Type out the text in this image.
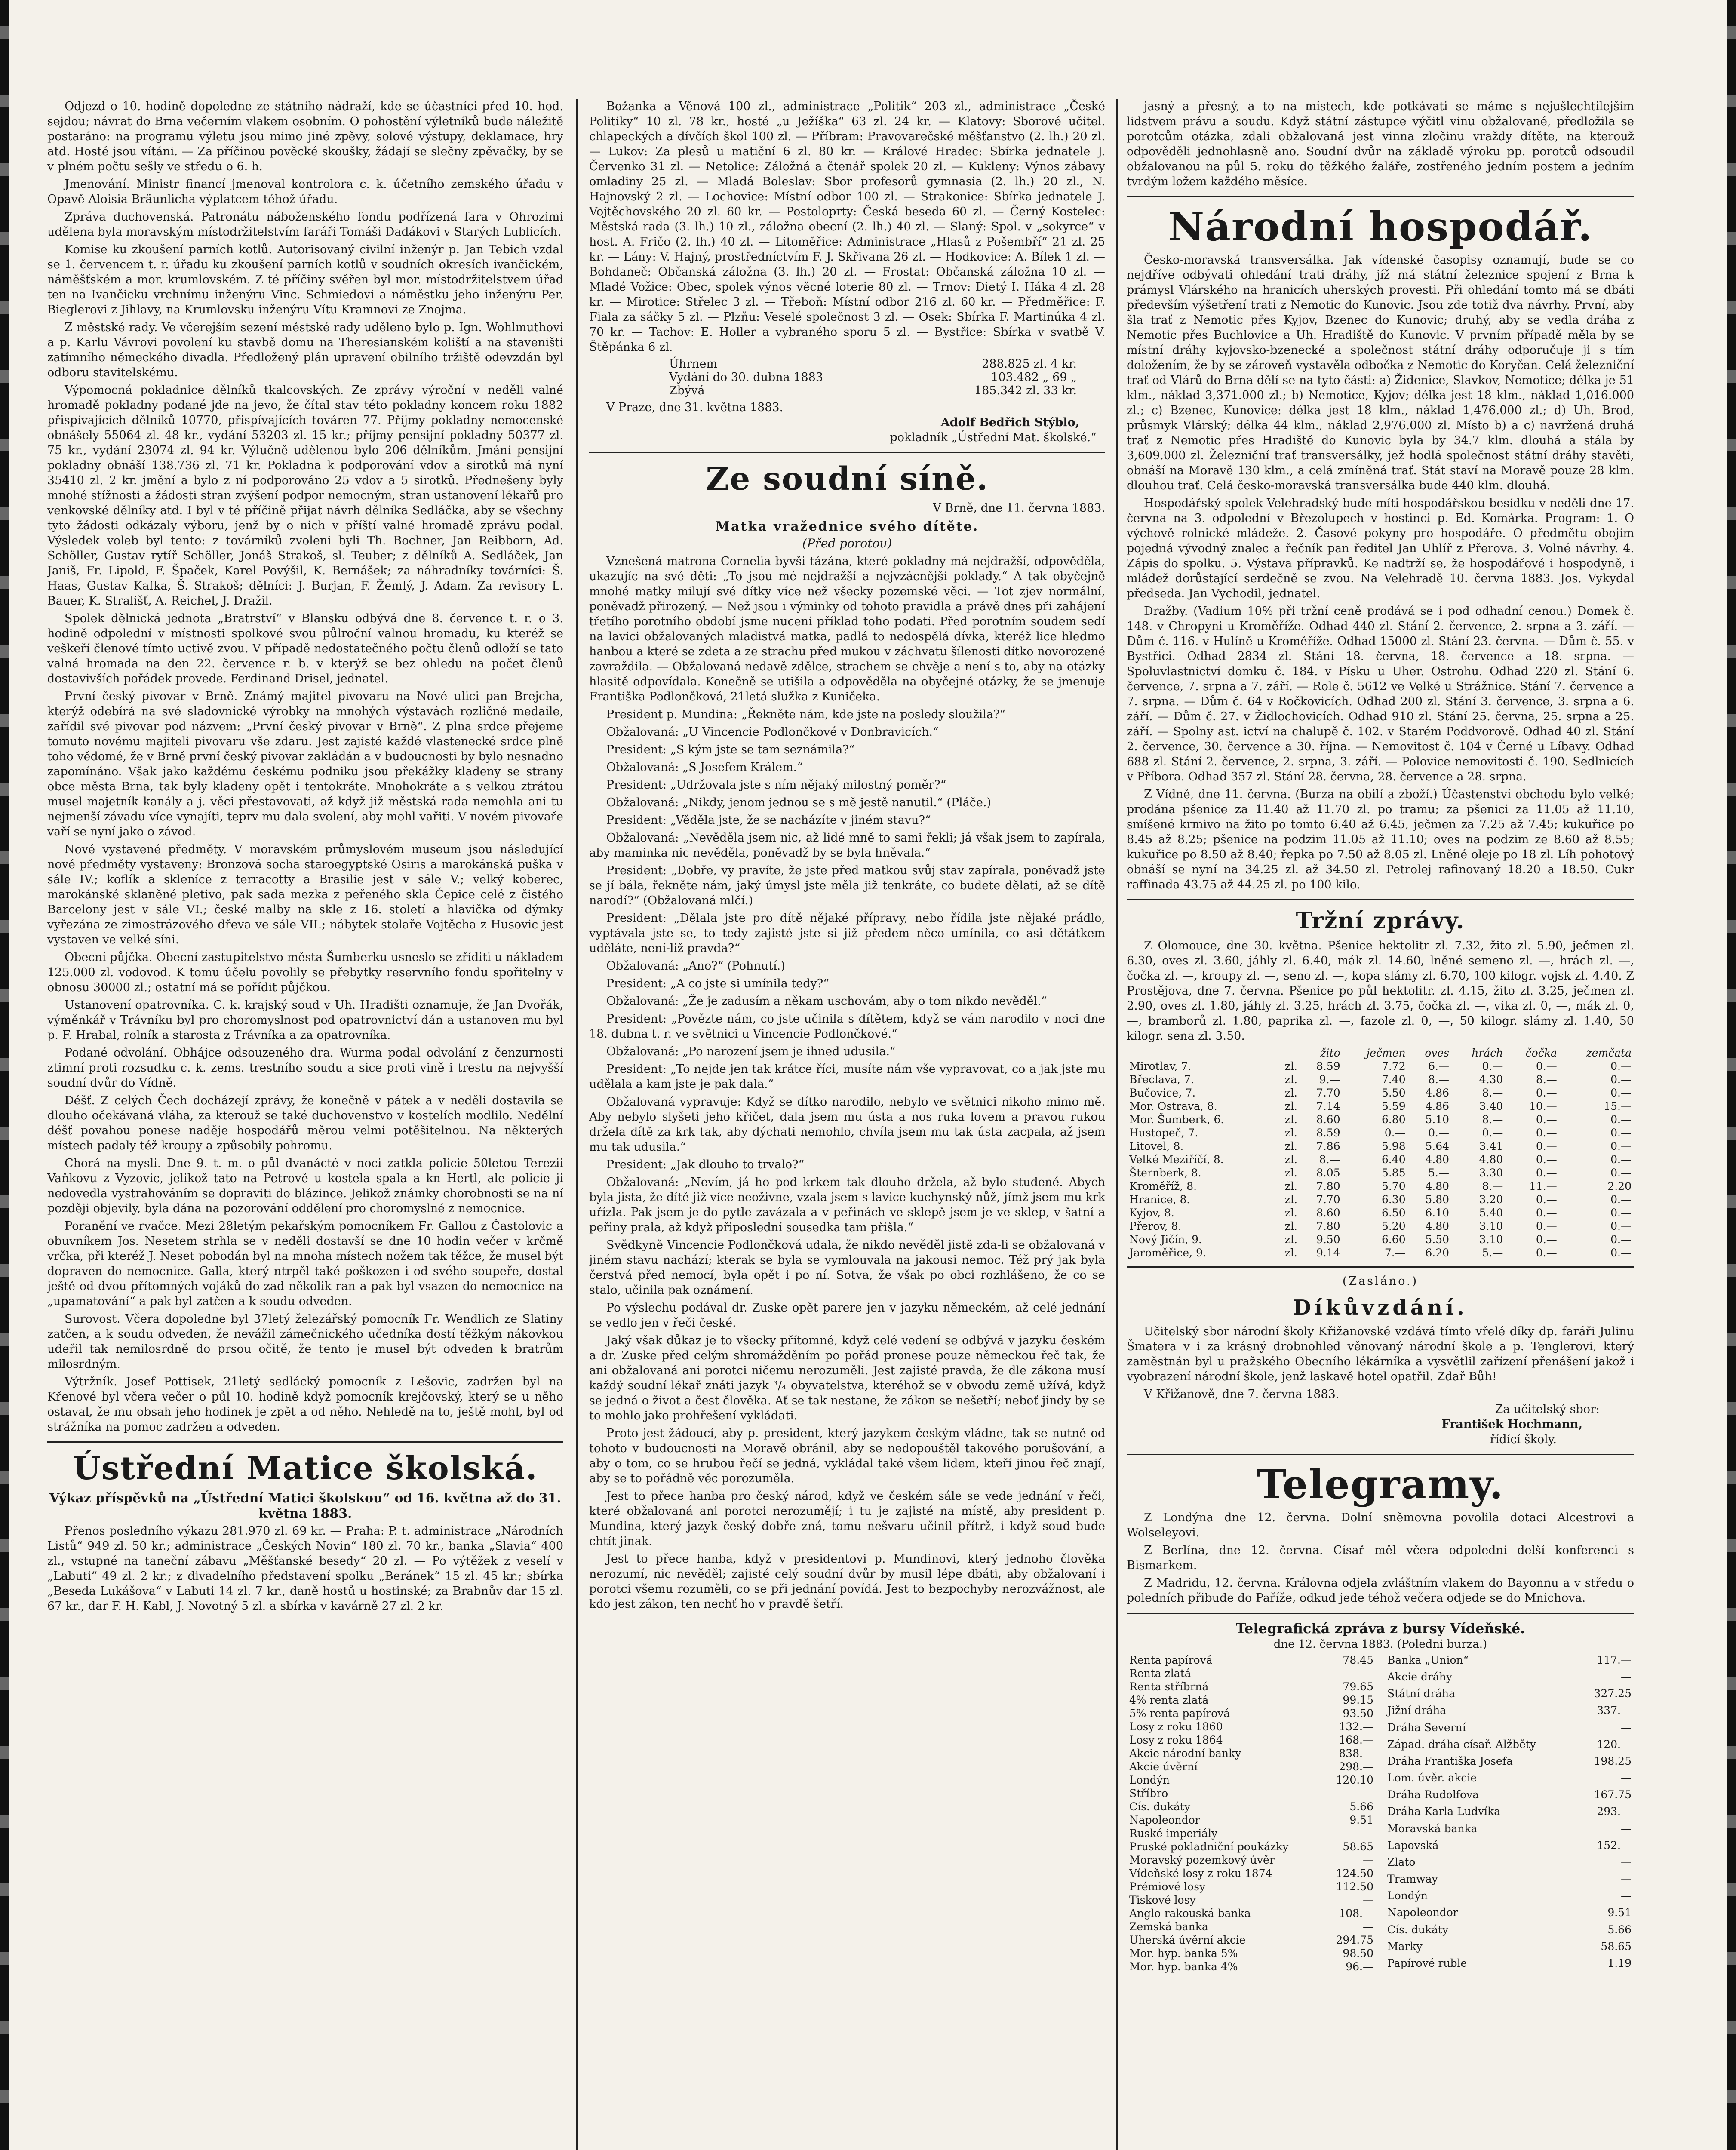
Odjezd o 10. hodině dopoledne ze státního nádraží, kde se účastníci před 10. hod. sejdou; návrat do Brna večerním vlakem osobním. O pohostění výletníků bude náležitě postaráno: na programu výletu jsou mimo jiné zpěvy, solové výstupy, deklamace, hry atd. Hosté jsou vítáni. — Za příčinou pověcké skoušky, žádají se slečny zpěvačky, by se v plném počtu sešly ve středu o 6. h.

Jmenování. Ministr financí jmenoval kontrolora c. k. účetního zemského úřadu v Opavě Aloisia Bräunlicha výplatcem téhož úřadu.

Zpráva duchovenská. Patronátu náboženského fondu podřízená fara v Ohrozimi udělena byla moravským místodržitelstvím faráři Tomáši Dadákovi v Starých Lublicích.

Komise ku zkoušení parních kotlů. Autorisovaný civilní inženýr p. Jan Tebich vzdal se 1. červencem t. r. úřadu ku zkoušení parních kotlů v soudních okresích ivančickém, náměšťském a mor. krumlovském. Z té příčiny svěřen byl mor. místodržitelstvem úřad ten na Ivančicku vrchnímu inženýru Vinc. Schmiedovi a náměstku jeho inženýru Per. Bieglerovi z Jihlavy, na Krumlovsku inženýru Vítu Kramnovi ze Znojma.

Z městské rady. Ve včerejším sezení městské rady uděleno bylo p. Ign. Wohlmuthovi a p. Karlu Vávrovi povolení ku stavbě domu na Theresianském koliští a na staveništi zatímního německého divadla. Předložený plán upravení obilního tržiště odevzdán byl odboru stavitelskému.

Výpomocná pokladnice dělníků tkalcovských. Ze zprávy výroční v neděli valné hromadě pokladny podané jde na jevo, že čítal stav této pokladny koncem roku 1882 přispívajících dělníků 10770, přispívajících továren 77. Příjmy pokladny nemocenské obnášely 55064 zl. 48 kr., vydání 53203 zl. 15 kr.; příjmy pensijní pokladny 50377 zl. 75 kr., vydání 23074 zl. 94 kr. Výlučně udělenou bylo 206 dělníkům. Jmání pensijní pokladny obnáší 138.736 zl. 71 kr. Pokladna k podporování vdov a sirotků má nyní 35410 zl. 2 kr. jmění a bylo z ní podporováno 25 vdov a 5 sirotků. Přednešeny byly mnohé stížnosti a žádosti stran zvýšení podpor nemocným, stran ustanovení lékařů pro venkovské dělníky atd. I byl v té příčině přijat návrh dělníka Sedláčka, aby se všechny tyto žádosti odkázaly výboru, jenž by o nich v příští valné hromadě zprávu podal. Výsledek voleb byl tento: z továrníků zvoleni byli Th. Bochner, Jan Reibborn, Ad. Schöller, Gustav rytíř Schöller, Jonáš Strakoš, sl. Teuber; z dělníků A. Sedláček, Jan Janiš, Fr. Lipold, F. Špaček, Karel Povýšil, K. Bernášek; za náhradníky továrníci: Š. Haas, Gustav Kafka, Š. Strakoš; dělníci: J. Burjan, F. Žemlý, J. Adam. Za revisory L. Bauer, K. Strališť, A. Reichel, J. Dražil.

Spolek dělnická jednota „Bratrství“ v Blansku odbývá dne 8. července t. r. o 3. hodině odpolední v místnosti spolkové svou půlroční valnou hromadu, ku kteréž se veškeří členové tímto uctivě zvou. V případě nedostatečného počtu členů odloží se tato valná hromada na den 22. července r. b. v kterýž se bez ohledu na počet členů dostavivších pořádek provede. Ferdinand Drisel, jednatel.

První český pivovar v Brně. Známý majitel pivovaru na Nové ulici pan Brejcha, kterýž odebírá na své sladovnické výrobky na mnohých výstavách rozličné medaile, zařídil své pivovar pod názvem: „První český pivovar v Brně“. Z plna srdce přejeme tomuto novému majiteli pivovaru vše zdaru. Jest zajisté každé vlastenecké srdce plně toho vědomé, že v Brně první český pivovar zakládán a v budoucnosti by bylo nesnadno zapomínáno. Však jako každému českému podniku jsou překážky kladeny se strany obce města Brna, tak byly kladeny opět i tentokráte. Mnohokráte a s velkou ztrátou musel majetník kanály a j. věci přestavovati, až když již městská rada nemohla ani tu nejmenší závadu více vynajíti, teprv mu dala svolení, aby mohl vařiti. V novém pivovaře vaří se nyní jako o závod.

Nové vystavené předměty. V moravském průmyslovém museum jsou následující nové předměty vystaveny: Bronzová socha staroegyptské Osiris a marokánská puška v sále IV.; koflík a skleníce z terracotty a Brasilie jest v sále V.; velký koberec, marokánské sklaněné pletivo, pak sada mezka z peřeného skla Čepice celé z čistého Barcelony jest v sále VI.; české malby na skle z 16. století a hlavička od dýmky vyřezána ze zimostrázového dřeva ve sále VII.; nábytek stolaře Vojtěcha z Husovic jest vystaven ve velké síni.

Obecní půjčka. Obecní zastupitelstvo města Šumberku usneslo se zříditi u nákladem 125.000 zl. vodovod. K tomu účelu povolily se přebytky reservního fondu spořitelny v obnosu 30000 zl.; ostatní má se pořídit půjčkou.

Ustanovení opatrovníka. C. k. krajský soud v Uh. Hradišti oznamuje, že Jan Dvořák, výměnkář v Trávníku byl pro choromyslnost pod opatrovnictví dán a ustanoven mu byl p. F. Hrabal, rolník a starosta z Trávníka a za opatrovníka.

Podané odvolání. Obhájce odsouzeného dra. Wurma podal odvolání z čenzurnosti ztimní proti rozsudku c. k. zems. trestního soudu a sice proti vině i trestu na nejvyšší soudní dvůr do Vídně.

Déšť. Z celých Čech docházejí zprávy, že konečně v pátek a v neděli dostavila se dlouho očekávaná vláha, za kterouž se také duchovenstvo v kostelích modlilo. Nedělní déšť povahou ponese naděje hospodářů měrou velmi potěšitelnou. Na některých místech padaly též kroupy a způsobily pohromu.

Chorá na mysli. Dne 9. t. m. o půl dvanácté v noci zatkla policie 50letou Terezii Vaňkovu z Vyzovic, jelikož tato na Petrově u kostela spala a kn Hertl, ale policie ji nedovedla vystrahováním se dopraviti do blázince. Jelikož známky chorobnosti se na ní později objevily, byla dána na pozorování oddělení pro choromyslné z nemocnice.

Poranění ve rvačce. Mezi 28letým pekařským pomocníkem Fr. Gallou z Častolovic a obuvníkem Jos. Nesetem strhla se v neděli dostavší se dne 10 hodin večer v krčmě vrčka, při kteréž J. Neset pobodán byl na mnoha místech nožem tak těžce, že musel být dopraven do nemocnice. Galla, který ntrpěl také poškozen i od svého soupeře, dostal ještě od dvou přítomných vojáků do zad několik ran a pak byl vsazen do nemocnice na „upamatování“ a pak byl zatčen a k soudu odveden.

Surovost. Včera dopoledne byl 37letý železářský pomocník Fr. Wendlich ze Slatiny zatčen, a k soudu odveden, že nevážil zámečnického učedníka dostí těžkým nákovkou udeřil tak nemilosrdně do prsou očitě, že tento je musel být odveden k bratrům milosrdným.

Výtržník. Josef Pottisek, 21letý sedlácký pomocník z Lešovic, zadržen byl na Křenové byl včera večer o půl 10. hodině když pomocník krejčovský, který se u něho ostaval, že mu obsah jeho hodinek je zpět a od něho. Nehledě na to, ještě mohl, byl od strážníka na pomoc zadržen a odveden.

Ústřední Matice školská.
Výkaz příspěvků na „Ústřední Matici školskou“ od 16. května až do 31. května 1883.

Přenos posledního výkazu 281.970 zl. 69 kr. — Praha: P. t. administrace „Národních Listů“ 949 zl. 50 kr.; administrace „Českých Novin“ 180 zl. 70 kr., banka „Slavia“ 400 zl., vstupné na taneční zábavu „Měšťanské besedy“ 20 zl. — Po výtěžek z veselí v „Labuti“ 49 zl. 2 kr.; z divadelního představení spolku „Beránek“ 15 zl. 45 kr.; sbírka „Beseda Lukášova“ v Labuti 14 zl. 7 kr., daně hostů u hostinské; za Brabnův dar 15 zl. 67 kr., dar F. H. Kabl, J. Novotný 5 zl. a sbírka v kavárně 27 zl. 2 kr.

Božanka a Věnová 100 zl., administrace „Politik“ 203 zl., administrace „České Politiky“ 10 zl. 78 kr., hosté „u Ježíška“ 63 zl. 24 kr. — Klatovy: Sborové učitel. chlapeckých a dívčích škol 100 zl. — Příbram: Pravovarečské měšťanstvo (2. lh.) 20 zl. — Lukov: Za plesů u matiční 6 zl. 80 kr. — Králové Hradec: Sbírka jednatele J. Červenko 31 zl. — Netolice: Záložná a čtenář spolek 20 zl. — Kukleny: Výnos zábavy omladiny 25 zl. — Mladá Boleslav: Sbor profesorů gymnasia (2. lh.) 20 zl., N. Hajnovský 2 zl. — Lochovice: Místní odbor 100 zl. — Strakonice: Sbírka jednatele J. Vojtěchovského 20 zl. 60 kr. — Postoloprty: Česká beseda 60 zl. — Černý Kostelec: Městská rada (3. lh.) 10 zl., záložna obecní (2. lh.) 40 zl. — Slaný: Spol. v „sokyrce“ v host. A. Fričo (2. lh.) 40 zl. — Litoměřice: Administrace „Hlasů z Pošembří“ 21 zl. 25 kr. — Lány: V. Hajný, prostředníctvím F. J. Skřivana 26 zl. — Hodkovice: A. Bílek 1 zl. — Bohdaneč: Občanská záložna (3. lh.) 20 zl. — Frostat: Občanská záložna 10 zl. — Mladé Vožice: Obec, spolek výnos věcné loterie 80 zl. — Trnov: Dietý I. Háka 4 zl. 28 kr. — Mirotice: Střelec 3 zl. — Třeboň: Místní odbor 216 zl. 60 kr. — Předměřice: F. Fiala za sáčky 5 zl. — Plzňu: Veselé společnost 3 zl. — Osek: Sbírka F. Martinúka 4 zl. 70 kr. — Tachov: E. Holler a vybraného sporu 5 zl. — Bystřice: Sbírka v svatbě V. Štěpánka 6 zl.

Úhrnem	288.825 zl. 4 kr.
Vydání do 30. dubna 1883	103.482 „ 69 „
Zbývá	185.342 zl. 33 kr.
V Praze, dne 31. května 1883.
Adolf Bedřich Stýblo,
pokladník „Ústřední Mat. školské.“
Ze soudní síně.
V Brně, dne 11. června 1883.
Matka vražednice svého dítěte.
(Před porotou)

Vznešená matrona Cornelia byvši tázána, které pokladny má nejdražší, odpověděla, ukazujíc na své děti: „To jsou mé nejdražší a nejvzácnější poklady.“ A tak obyčejně mnohé matky milují své dítky více než všecky pozemské věci. — Tot zjev normální, poněvadž přirozený. — Než jsou i výminky od tohoto pravidla a právě dnes při zahájení třetího porotního období jsme nuceni příklad toho podati. Před porotním soudem sedí na lavici obžalovaných mladistvá matka, padlá to nedospělá dívka, kteréž lice hledmo hanbou a které se zdeta a ze strachu před mukou v záchvatu šílenosti dítko novorozené zavraždila. — Obžalovaná nedavě zdělce, strachem se chvěje a není s to, aby na otázky hlasitě odpovídala. Konečně se utišila a odpověděla na obyčejné otázky, že se jmenuje Františka Podlončková, 21letá služka z Kuničeka.

President p. Mundina: „Řekněte nám, kde jste na posledy sloužila?“

Obžalovaná: „U Vincencie Podlončkové v Donbravicích.“

President: „S kým jste se tam seznámila?“

Obžalovaná: „S Josefem Králem.“

President: „Udržovala jste s ním nějaký milostný poměr?“

Obžalovaná: „Nikdy, jenom jednou se s mě jestě nanutil.“ (Pláče.)

President: „Věděla jste, že se nacházíte v jiném stavu?“

Obžalovaná: „Nevěděla jsem nic, až lidé mně to sami řekli; já však jsem to zapírala, aby maminka nic nevěděla, poněvadž by se byla hněvala.“

President: „Dobře, vy pravíte, že jste před matkou svůj stav zapírala, poněvadž jste se jí bála, řekněte nám, jaký úmysl jste měla již tenkráte, co budete dělati, až se dítě narodí?“ (Obžalovaná mlčí.)

President: „Dělala jste pro dítě nějaké přípravy, nebo řídila jste nějaké prádlo, vyptávala jste se, to tedy zajisté jste si již předem něco umínila, co asi dětátkem uděláte, není-liž pravda?“

Obžalovaná: „Ano?“ (Pohnutí.)

President: „A co jste si umínila tedy?“

Obžalovaná: „Že je zadusím a někam uschovám, aby o tom nikdo nevěděl.“

President: „Povězte nám, co jste učinila s dítětem, když se vám narodilo v noci dne 18. dubna t. r. ve světnici u Vincencie Podlončkové.“

Obžalovaná: „Po narození jsem je ihned udusila.“

President: „To nejde jen tak krátce říci, musíte nám vše vypravovat, co a jak jste mu udělala a kam jste je pak dala.“

Obžalovaná vypravuje: Když se dítko narodilo, nebylo ve světnici nikoho mimo mě. Aby nebylo slyšeti jeho křičet, dala jsem mu ústa a nos ruka lovem a pravou rukou držela dítě za krk tak, aby dýchati nemohlo, chvíla jsem mu tak ústa zacpala, až jsem mu tak udusila.“

President: „Jak dlouho to trvalo?“

Obžalovaná: „Nevím, já ho pod krkem tak dlouho držela, až bylo studené. Abych byla jista, že dítě již více neoživne, vzala jsem s lavice kuchynský nůž, jímž jsem mu krk uřízla. Pak jsem je do pytle zavázala a v peřinách ve sklepě jsem je ve sklep, v šatní a peřiny prala, až když připoslední sousedka tam přišla.“

Svědkyně Vincencie Podlončková udala, že nikdo nevěděl jistě zda-li se obžalovaná v jiném stavu nachází; kterak se byla se vymlouvala na jakousi nemoc. Též prý jak byla čerstvá před nemocí, byla opět i po ní. Sotva, že však po obci rozhlášeno, že co se stalo, učinila pak oznámení.

Po výslechu podával dr. Zuske opět parere jen v jazyku německém, až celé jednání se vedlo jen v řeči české.

Jaký však důkaz je to všecky přítomné, když celé vedení se odbývá v jazyku českém a dr. Zuske před celým shromážděním po pořád pronese pouze německou řeč tak, že ani obžalovaná ani porotci ničemu nerozuměli. Jest zajisté pravda, že dle zákona musí každý soudní lékař znáti jazyk ³/₄ obyvatelstva, kteréhož se v obvodu země užívá, když se jedná o život a čest člověka. Ať se tak nestane, že zákon se nešetří; neboť jindy by se to mohlo jako prohřešení vykládati.

Proto jest žádoucí, aby p. president, který jazykem českým vládne, tak se nutně od tohoto v budoucnosti na Moravě obránil, aby se nedopouštěl takového porušování, a aby o tom, co se hrubou řečí se jedná, vykládal také všem lidem, kteří jinou řeč znají, aby se to pořádně věc porozuměla.

Jest to přece hanba pro český národ, když ve českém sále se vede jednání v řeči, které obžalovaná ani porotci nerozumějí; i tu je zajisté na místě, aby president p. Mundina, který jazyk český dobře zná, tomu nešvaru učinil přítrž, i když soud bude chtít jinak.

Jest to přece hanba, když v presidentovi p. Mundinovi, který jednoho člověka nerozumí, nic nevěděl; zajisté celý soudní dvůr by musil lépe dbáti, aby obžalovaní i porotci všemu rozuměli, co se při jednání povídá. Jest to bezpochyby nerozvážnost, ale kdo jest zákon, ten nechť ho v pravdě šetří.

jasný a přesný, a to na místech, kde potkávati se máme s nejušlechtilejším lidstvem právu a soudu. Když státní zástupce výčitl vinu obžalované, předložila se porotcům otázka, zdali obžalovaná jest vinna zločinu vraždy dítěte, na kterouž odpověděli jednohlasně ano. Soudní dvůr na základě výroku pp. porotců odsoudil obžalovanou na půl 5. roku do těžkého žaláře, zostřeného jedním postem a jedním tvrdým ložem každého měsíce.

Národní hospodář.

Česko-moravská transversálka. Jak vídenské časopisy oznamují, bude se co nejdříve odbývati ohledání trati dráhy, jíž má státní železnice spojení z Brna k prámysl Vlárského na hranicích uherských provesti. Při ohledání tomto má se dbáti především výšetření trati z Nemotic do Kunovic. Jsou zde totiž dva návrhy. První, aby šla trať z Nemotic přes Kyjov, Bzenec do Kunovic; druhý, aby se vedla dráha z Nemotic přes Buchlovice a Uh. Hradiště do Kunovic. V prvním případě měla by se místní dráhy kyjovsko-bzenecké a společnost státní dráhy odporučuje ji s tím doložením, že by se zároveň vystavěla odbočka z Nemotic do Koryčan. Celá železniční trať od Vlárů do Brna dělí se na tyto části: a) Židenice, Slavkov, Nemotice; délka je 51 klm., náklad 3,371.000 zl.; b) Nemotice, Kyjov; délka jest 18 klm., náklad 1,016.000 zl.; c) Bzenec, Kunovice: délka jest 18 klm., náklad 1,476.000 zl.; d) Uh. Brod, průsmyk Vlárský; délka 44 klm., náklad 2,976.000 zl. Místo b) a c) navržená druhá trať z Nemotic přes Hradiště do Kunovic byla by 34.7 klm. dlouhá a stála by 3,609.000 zl. Železniční trať transversálky, jež hodlá společnost státní dráhy stavěti, obnáší na Moravě 130 klm., a celá zmíněná trať. Stát staví na Moravě pouze 28 klm. dlouhou trať. Celá česko-moravská transversálka bude 440 klm. dlouhá.

Hospodářský spolek Velehradský bude míti hospodářskou besídku v neděli dne 17. června na 3. odpolední v Březolupech v hostinci p. Ed. Komárka. Program: 1. O výchově rolnické mládeže. 2. Časové pokyny pro hospodáře. O předmětu obojím pojedná vývodný znalec a řečník pan ředitel Jan Uhlíř z Přerova. 3. Volné návrhy. 4. Zápis do spolku. 5. Výstava přípravků. Ke nadtrží se, že hospodářové i hospodyně, i mládež dorůstající serdečně se zvou. Na Velehradě 10. června 1883. Jos. Vykydal předseda. Jan Vychodil, jednatel.

Dražby. (Vadium 10% při tržní ceně prodává se i pod odhadní cenou.) Domek č. 148. v Chropyni u Kroměříže. Odhad 440 zl. Stání 2. července, 2. srpna a 3. září. — Dům č. 116. v Hulíně u Kroměříže. Odhad 15000 zl. Stání 23. června. — Dům č. 55. v Bystřici. Odhad 2834 zl. Stání 18. června, 18. července a 18. srpna. — Spoluvlastnictví domku č. 184. v Písku u Uher. Ostrohu. Odhad 220 zl. Stání 6. července, 7. srpna a 7. září. — Role č. 5612 ve Velké u Strážnice. Stání 7. července a 7. srpna. — Dům č. 64 v Ročkovicích. Odhad 200 zl. Stání 3. července, 3. srpna a 6. září. — Dům č. 27. v Židlochovicích. Odhad 910 zl. Stání 25. června, 25. srpna a 25. září. — Spolny ast. ictví na chalupě č. 102. v Starém Poddvorově. Odhad 40 zl. Stání 2. července, 30. července a 30. října. — Nemovitost č. 104 v Černé u Líbavy. Odhad 688 zl. Stání 2. července, 2. srpna, 3. září. — Polovice nemovitosti č. 190. Sedlnicích v Příbora. Odhad 357 zl. Stání 28. června, 28. července a 28. srpna.

Z Vídně, dne 11. června. (Burza na obilí a zboží.) Účastenství obchodu bylo velké; prodána pšenice za 11.40 až 11.70 zl. po tramu; za pšenici za 11.05 až 11.10, smíšené krmivo na žito po tomto 6.40 až 6.45, ječmen za 7.25 až 7.45; kukuřice po 8.45 až 8.25; pšenice na podzim 11.05 až 11.10; oves na podzim ze 8.60 až 8.55; kukuřice po 8.50 až 8.40; řepka po 7.50 až 8.05 zl. Lněné oleje po 18 zl. Líh pohotový obnáší se nyní na 34.25 zl. až 34.50 zl. Petrolej rafinovaný 18.20 a 18.50. Cukr raffinada 43.75 až 44.25 zl. po 100 kilo.

Tržní zprávy.

Z Olomouce, dne 30. května. Pšenice hektolitr zl. 7.32, žito zl. 5.90, ječmen zl. 6.30, oves zl. 3.60, jáhly zl. 6.40, mák zl. 14.60, lněné semeno zl. —, hrách zl. —, čočka zl. —, kroupy zl. —, seno zl. —, kopa slámy zl. 6.70, 100 kilogr. vojsk zl. 4.40. Z Prostějova, dne 7. června. Pšenice po půl hektolitr. zl. 4.15, žito zl. 3.25, ječmen zl. 2.90, oves zl. 1.80, jáhly zl. 3.25, hrách zl. 3.75, čočka zl. —, vika zl. 0, —, mák zl. 0, —, bramborů zl. 1.80, paprika zl. —, fazole zl. 0, —, 50 kilogr. slámy zl. 1.40, 50 kilogr. sena zl. 3.50.

		žito	ječmen	oves	hrách	čočka	zemčata
Mirotlav, 7.	zl.	8.59	7.72	6.—	0.—	0.—	0.—
Břeclava, 7.	zl.	9.—	7.40	8.—	4.30	8.—	0.—
Bučovice, 7.	zl.	7.70	5.50	4.86	8.—	0.—	0.—
Mor. Ostrava, 8.	zl.	7.14	5.59	4.86	3.40	10.—	15.—
Mor. Šumberk, 6.	zl.	8.60	6.80	5.10	8.—	0.—	0.—
Hustopeč, 7.	zl.	8.59	0.—	0.—	0.—	0.—	0.—
Litovel, 8.	zl.	7.86	5.98	5.64	3.41	0.—	0.—
Velké Meziříčí, 8.	zl.	8.—	6.40	4.80	4.80	0.—	0.—
Šternberk, 8.	zl.	8.05	5.85	5.—	3.30	0.—	0.—
Kroměříž, 8.	zl.	7.80	5.70	4.80	8.—	11.—	2.20
Hranice, 8.	zl.	7.70	6.30	5.80	3.20	0.—	0.—
Kyjov, 8.	zl.	8.60	6.50	6.10	5.40	0.—	0.—
Přerov, 8.	zl.	7.80	5.20	4.80	3.10	0.—	0.—
Nový Jičín, 9.	zl.	9.50	6.60	5.50	3.10	0.—	0.—
Jaroměřice, 9.	zl.	9.14	7.—	6.20	5.—	0.—	0.—
(Zasláno.)
Díkůvzdání.

Učitelský sbor národní školy Křižanovské vzdává tímto vřelé díky dp. faráři Julinu Šmatera v i za krásný drobnohled věnovaný národní škole a p. Tenglerovi, který zaměstnán byl u pražského Obecního lékárníka a vysvětlil zařízení přenášení jakož i vyobrazení národní škole, jenž laskavě hotel opatřil. Zdař Bůh!

V Křižanově, dne 7. června 1883.
Za učitelský sbor:
František Hochmann,
řídící školy.
Telegramy.

Z Londýna dne 12. června. Dolní sněmovna povolila dotaci Alcestrovi a Wolseleyovi.

Z Berlína, dne 12. června. Císař měl včera odpolední delší konferenci s Bismarkem.

Z Madridu, 12. června. Královna odjela zvláštním vlakem do Bayonnu a v středu o poledních přibude do Paříže, odkud jede téhož večera odjede se do Mnichova.

Telegrafická zpráva z bursy Vídeňské.
dne 12. června 1883. (Poledni burza.)
Renta papírová	78.45
Renta zlatá	—
Renta stříbrná	79.65
4% renta zlatá	99.15
5% renta papírová	93.50
Losy z roku 1860	132.—
Losy z roku 1864	168.—
Akcie národní banky	838.—
Akcie úvěrní	298.—
Londýn	120.10
Stříbro	—
Cís. dukáty	5.66
Napoleondor	9.51
Ruské imperiály	—
Pruské pokladniční poukázky	58.65
Moravský pozemkový úvěr	—
Vídeňské losy z roku 1874	124.50
Prémiové losy	112.50
Tiskové losy	—
Anglo-rakouská banka	108.—
Zemská banka	—
Uherská úvěrní akcie	294.75
Mor. hyp. banka 5%	98.50
Mor. hyp. banka 4%	96.—
Banka „Union“	117.—
Akcie dráhy	—
Státní dráha	327.25
Jižní dráha	337.—
Dráha Severní	—
Západ. dráha císař. Alžběty	120.—
Dráha Františka Josefa	198.25
Lom. úvěr. akcie	—
Dráha Rudolfova	167.75
Dráha Karla Ludvíka	293.—
Moravská banka	—
Lapovská	152.—
Zlato	—
Tramway	—
Londýn	—
Napoleondor	9.51
Cís. dukáty	5.66
Marky	58.65
Papírové ruble	1.19
